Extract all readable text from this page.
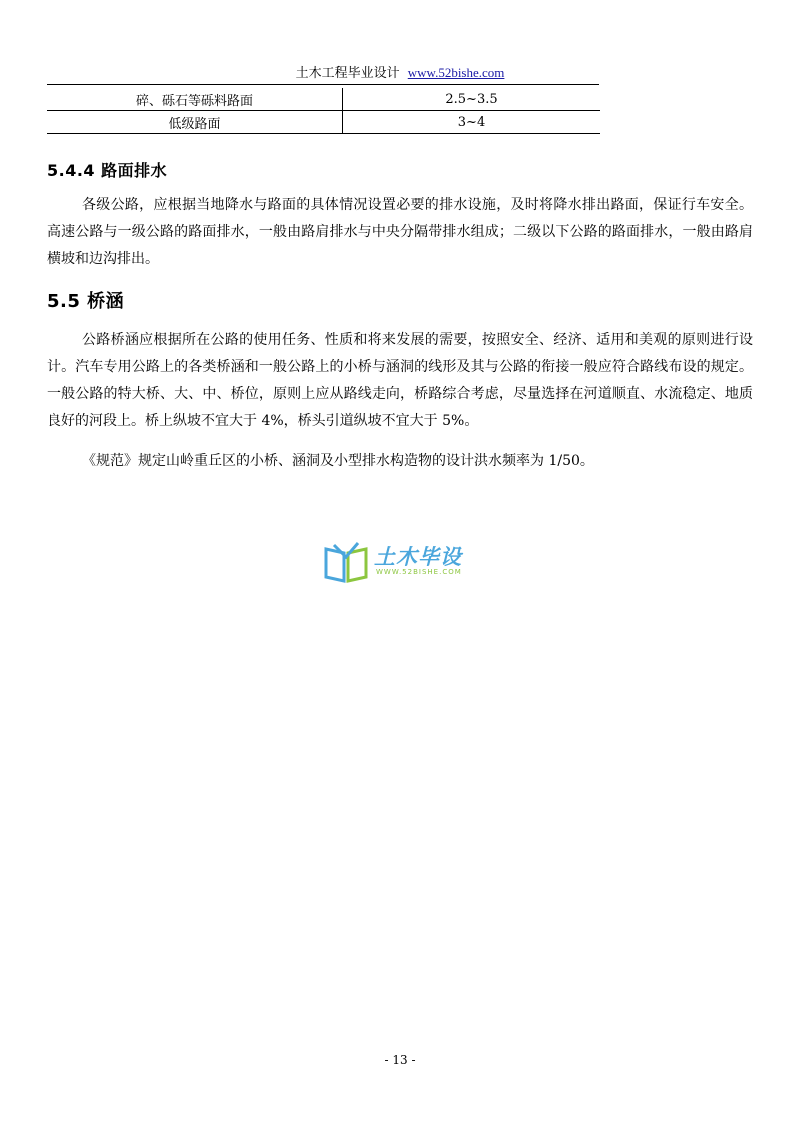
土木工程毕业设计 www.52bishe.com
碎、砾石等砾料路面	2.5~3.5
低级路面	3~4
5.4.4 路面排水

各级公路，应根据当地降水与路面的具体情况设置必要的排水设施，及时将降水排出路面，保证行车安全。高速公路与一级公路的路面排水，一般由路肩排水与中央分隔带排水组成；二级以下公路的路面排水，一般由路肩横坡和边沟排出。

5.5 桥涵

公路桥涵应根据所在公路的使用任务、性质和将来发展的需要，按照安全、经济、适用和美观的原则进行设计。汽车专用公路上的各类桥涵和一般公路上的小桥与涵洞的线形及其与公路的衔接一般应符合路线布设的规定。一般公路的特大桥、大、中、桥位，原则上应从路线走向，桥路综合考虑，尽量选择在河道顺直、水流稳定、地质良好的河段上。桥上纵坡不宜大于 4%，桥头引道纵坡不宜大于 5%。

《规范》规定山岭重丘区的小桥、涵洞及小型排水构造物的设计洪水频率为 1/50。

土木毕设
WWW.52BISHE.COM
- 13 -
